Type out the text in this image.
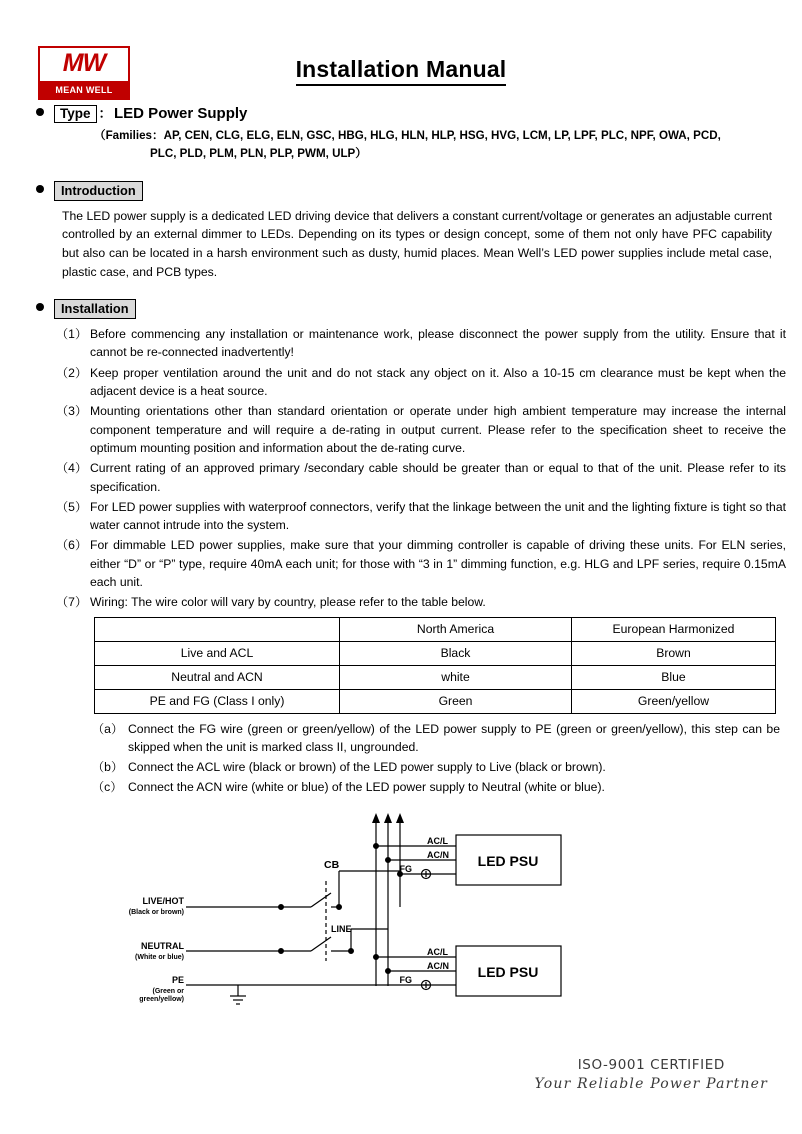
MW
MEAN WELL
Installation Manual
Type ： LED Power Supply
（Families：AP, CEN, CLG, ELG, ELN, GSC, HBG, HLG, HLN, HLP, HSG, HVG, LCM, LP, LPF, PLC, NPF, OWA, PCD,
PLC, PLD, PLM, PLN, PLP, PWM, ULP）
Introduction
The LED power supply is a dedicated LED driving device that delivers a constant current/voltage or generates an adjustable current controlled by an external dimmer to LEDs. Depending on its types or design concept, some of them not only have PFC capability but also can be located in a harsh environment such as dusty, humid places. Mean Well’s LED power supplies include metal case, plastic case, and PCB types.
Installation
（1） Before commencing any installation or maintenance work, please disconnect the power supply from the utility. Ensure that it cannot be re-connected inadvertently!
（2） Keep proper ventilation around the unit and do not stack any object on it. Also a 10-15 cm clearance must be kept when the adjacent device is a heat source.
（3） Mounting orientations other than standard orientation or operate under high ambient temperature may increase the internal component temperature and will require a de-rating in output current. Please refer to the specification sheet to receive the optimum mounting position and information about the de-rating curve.
（4） Current rating of an approved primary /secondary cable should be greater than or equal to that of the unit. Please refer to its specification.
（5） For LED power supplies with waterproof connectors, verify that the linkage between the unit and the lighting fixture is tight so that water cannot intrude into the system.
（6） For dimmable LED power supplies, make sure that your dimming controller is capable of driving these units. For ELN series, either “D” or “P” type, require 40mA each unit; for those with “3 in 1” dimming function, e.g. HLG and LPF series, require 0.15mA each unit.
（7） Wiring: The wire color will vary by country, please refer to the table below.
	North America	European Harmonized
Live and ACL	Black	Brown
Neutral and ACN	white	Blue
PE and FG (Class I only)	Green	Green/yellow
（a） Connect the FG wire (green or green/yellow) of the LED power supply to PE (green or green/yellow), this step can be skipped when the unit is marked class II, ungrounded.
（b） Connect the ACL wire (black or brown) of the LED power supply to Live (black or brown).
（c） Connect the ACN wire (white or blue) of the LED power supply to Neutral (white or blue).
CB
LINE
LIVE/HOT
(Black or brown)
NEUTRAL
(White or blue)
PE
(Green or
green/yellow)
AC/L
AC/N
FG
AC/L
AC/N
FG
LED PSU
LED PSU
ISO-9001 CERTIFIED
Your Reliable Power Partner
